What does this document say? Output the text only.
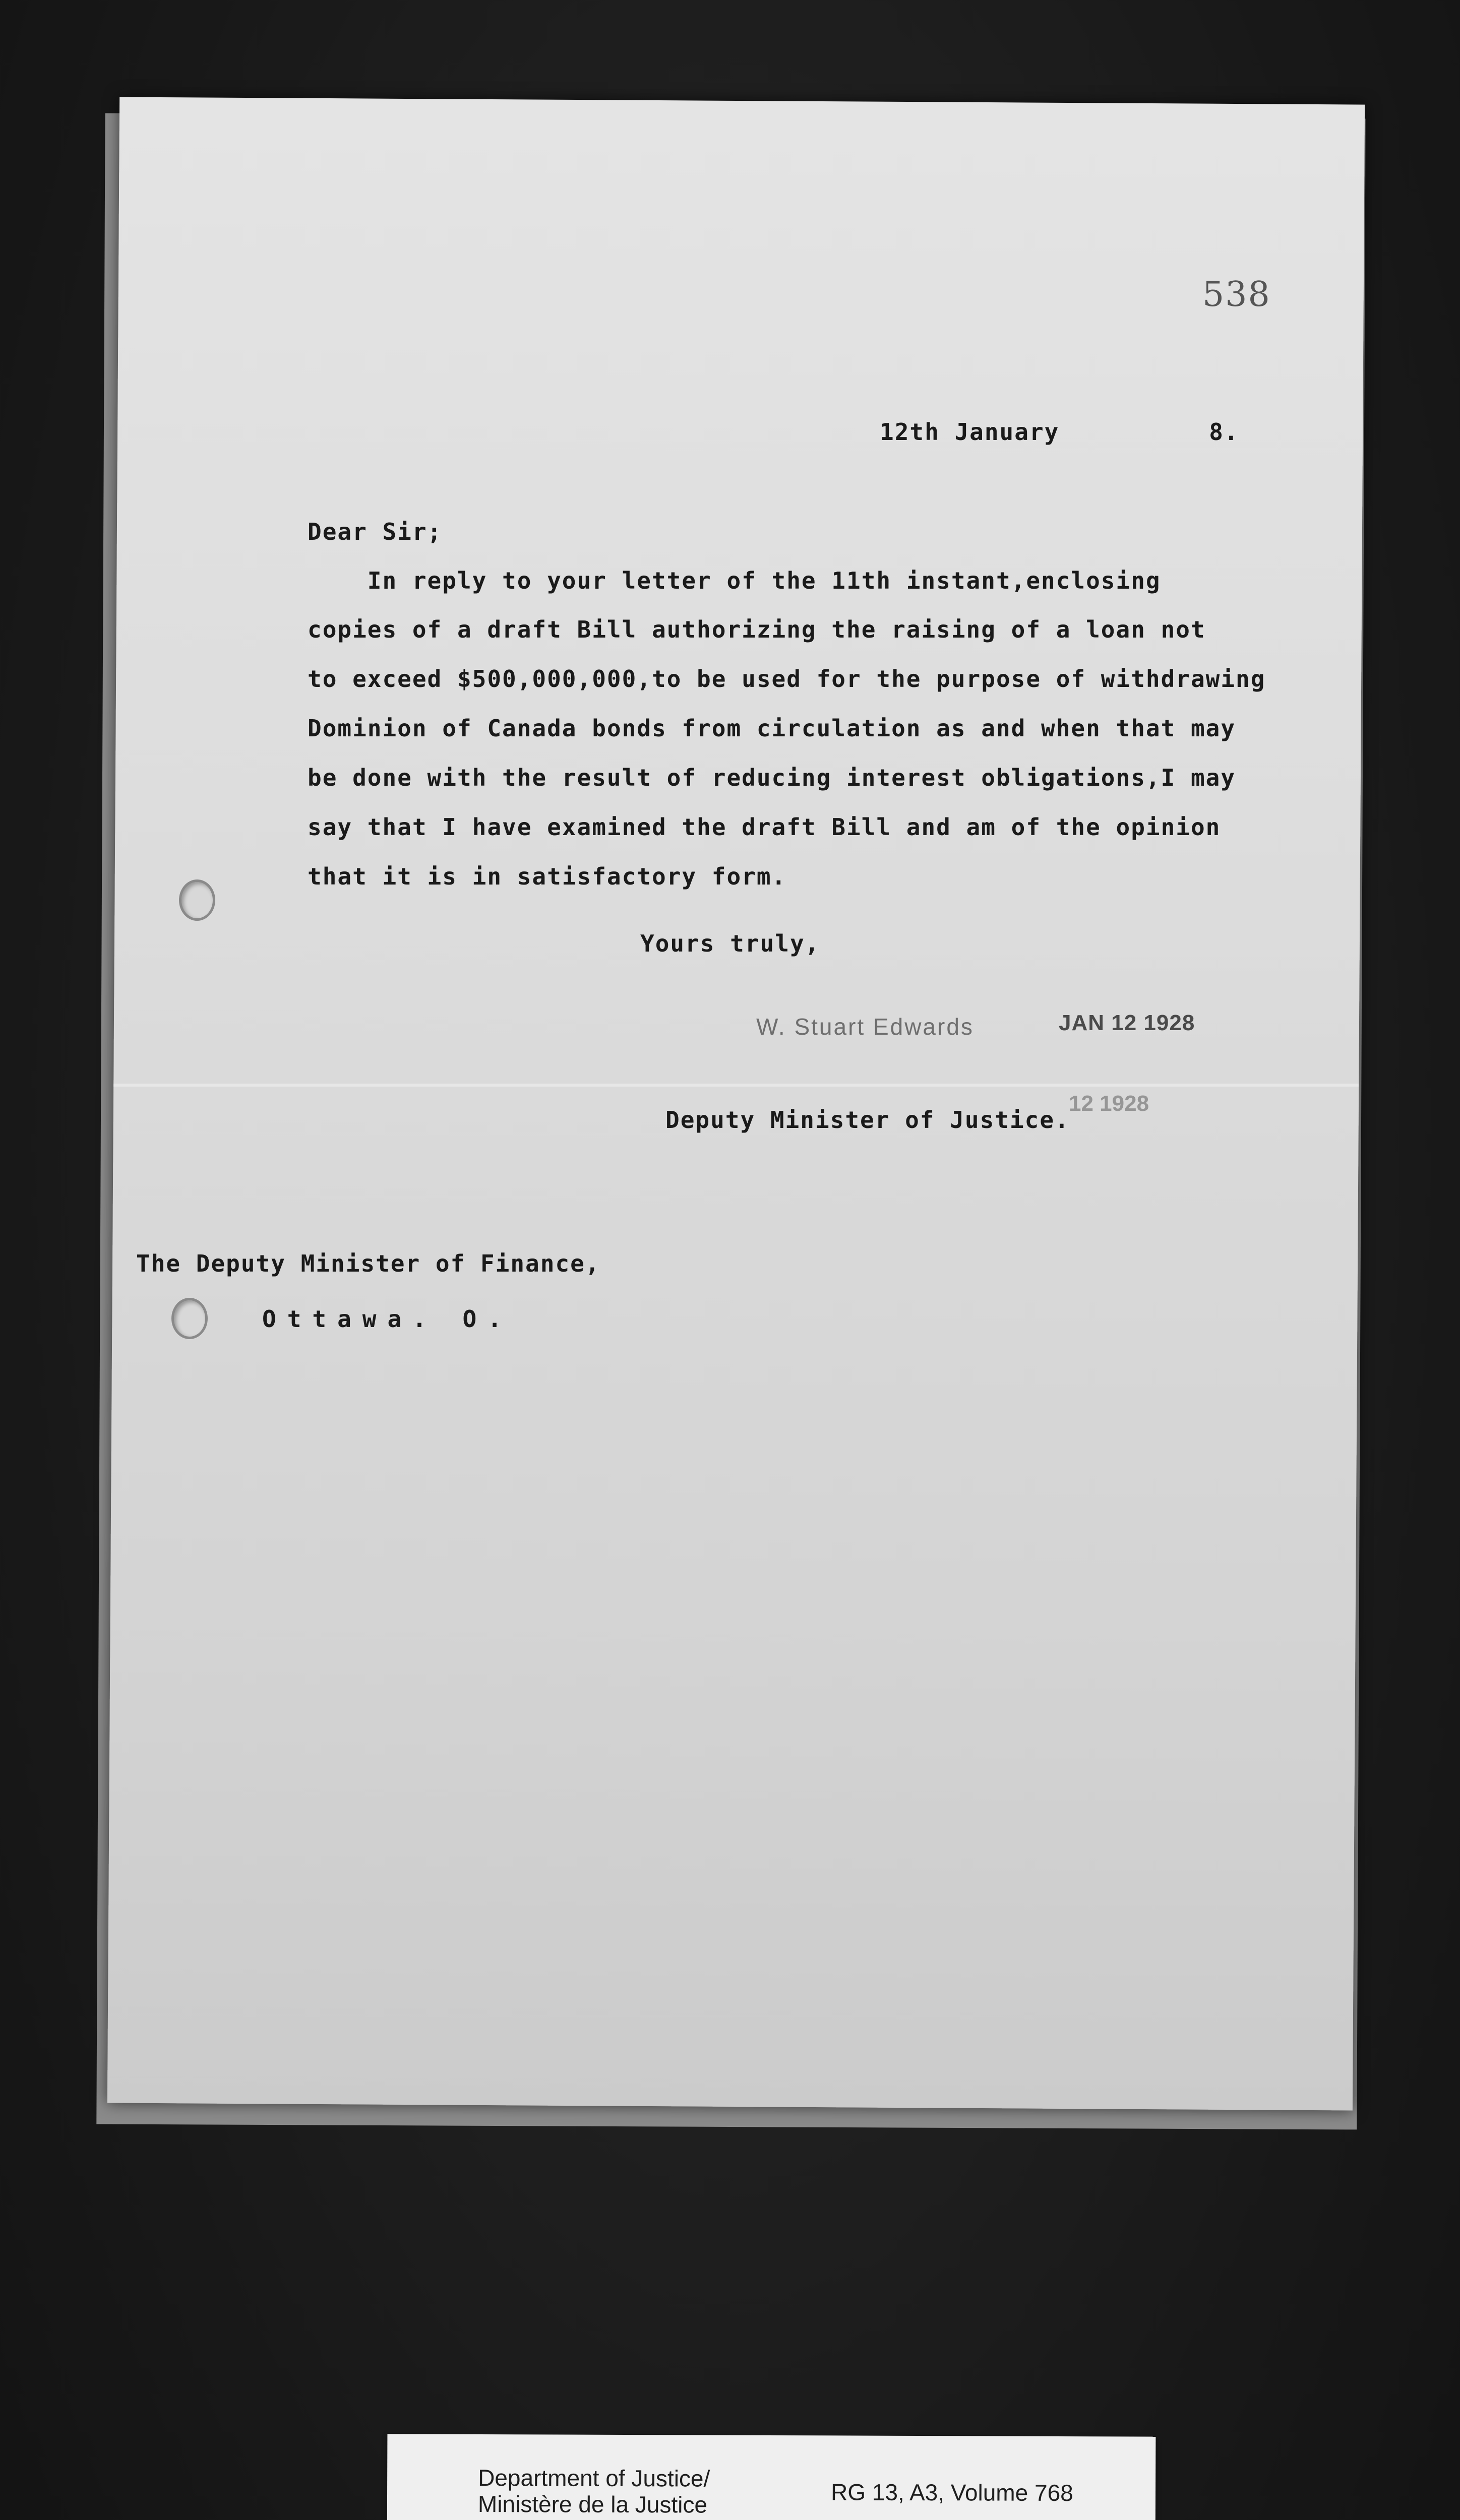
538
12th January          8.
Dear Sir;
In reply to your letter of the 11th instant,enclosing
copies of a draft Bill authorizing the raising of a loan not
to exceed $500,000,000,to be used for the purpose of withdrawing
Dominion of Canada bonds from circulation as and when that may
be done with the result of reducing interest obligations,I may
say that I have examined the draft Bill and am of the opinion
that it is in satisfactory form.
Yours truly,
W. Stuart Edwards	JAN 12 1928
12 1928
Deputy Minister of Justice.
The Deputy Minister of Finance,
Ottawa. O.
Department of Justice/
Ministère de la Justice	RG 13, A3, Volume 768
